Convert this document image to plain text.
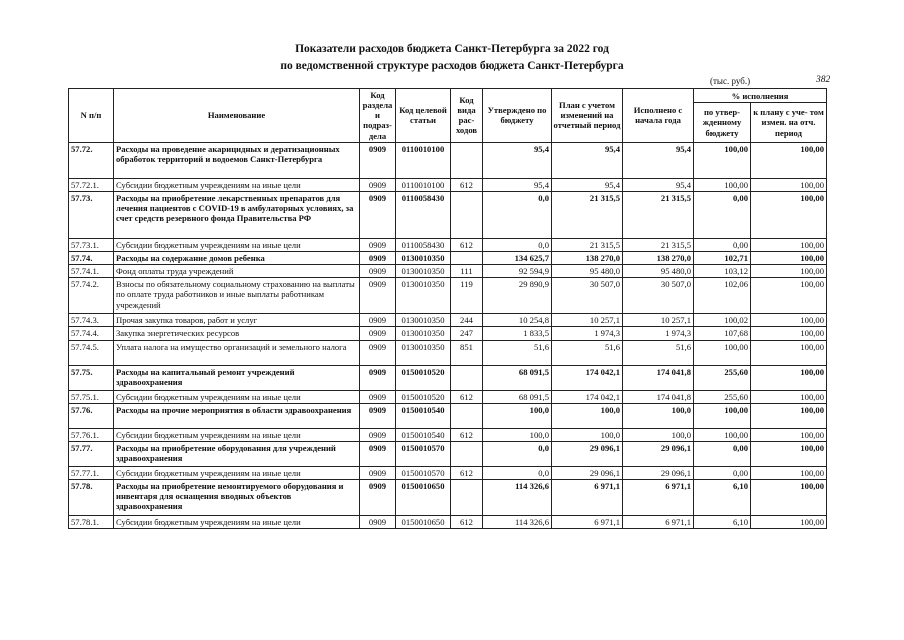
Показатели расходов бюджета Санкт-Петербурга за 2022 год
по ведомственной структуре расходов бюджета Санкт-Петербурга
(тыс. руб.)	382
N п/п	Наименование	Код раздела и подраз- дела	Код целевой статьи	Код вида рас- ходов	Утверждено по бюджету	План с учетом изменений на отчетный период	Исполнено с начала года	% исполнения	
								по утвер- жденному бюджету	к плану с уче- том измен. на отч. период
57.72.	Расходы на проведение акарицидных и дератизационных обработок территорий и водоемов Санкт-Петербурга	0909	0110010100		95,4	95,4	95,4	100,00	100,00
57.72.1.	Субсидии бюджетным учреждениям на иные цели	0909	0110010100	612	95,4	95,4	95,4	100,00	100,00
57.73.	Расходы на приобретение лекарственных препаратов для лечения пациентов с COVID-19 в амбулаторных условиях, за счет средств резервного фонда Правительства РФ	0909	0110058430		0,0	21 315,5	21 315,5	0,00	100,00
57.73.1.	Субсидии бюджетным учреждениям на иные цели	0909	0110058430	612	0,0	21 315,5	21 315,5	0,00	100,00
57.74.	Расходы на содержание домов ребенка	0909	0130010350		134 625,7	138 270,0	138 270,0	102,71	100,00
57.74.1.	Фонд оплаты труда учреждений	0909	0130010350	111	92 594,9	95 480,0	95 480,0	103,12	100,00
57.74.2.	Взносы по обязательному социальному страхованию на выплаты по оплате труда работников и иные выплаты работникам учреждений	0909	0130010350	119	29 890,9	30 507,0	30 507,0	102,06	100,00
57.74.3.	Прочая закупка товаров, работ и услуг	0909	0130010350	244	10 254,8	10 257,1	10 257,1	100,02	100,00
57.74.4.	Закупка энергетических ресурсов	0909	0130010350	247	1 833,5	1 974,3	1 974,3	107,68	100,00
57.74.5.	Уплата налога на имущество организаций и земельного налога	0909	0130010350	851	51,6	51,6	51,6	100,00	100,00
57.75.	Расходы на капитальный ремонт учреждений здравоохранения	0909	0150010520		68 091,5	174 042,1	174 041,8	255,60	100,00
57.75.1.	Субсидии бюджетным учреждениям на иные цели	0909	0150010520	612	68 091,5	174 042,1	174 041,8	255,60	100,00
57.76.	Расходы на прочие мероприятия в области здравоохранения	0909	0150010540		100,0	100,0	100,0	100,00	100,00
57.76.1.	Субсидии бюджетным учреждениям на иные цели	0909	0150010540	612	100,0	100,0	100,0	100,00	100,00
57.77.	Расходы на приобретение оборудования для учреждений здравоохранения	0909	0150010570		0,0	29 096,1	29 096,1	0,00	100,00
57.77.1.	Субсидии бюджетным учреждениям на иные цели	0909	0150010570	612	0,0	29 096,1	29 096,1	0,00	100,00
57.78.	Расходы на приобретение немонтируемого оборудования и инвентаря для оснащения вводных объектов здравоохранения	0909	0150010650		114 326,6	6 971,1	6 971,1	6,10	100,00
57.78.1.	Субсидии бюджетным учреждениям на иные цели	0909	0150010650	612	114 326,6	6 971,1	6 971,1	6,10	100,00
